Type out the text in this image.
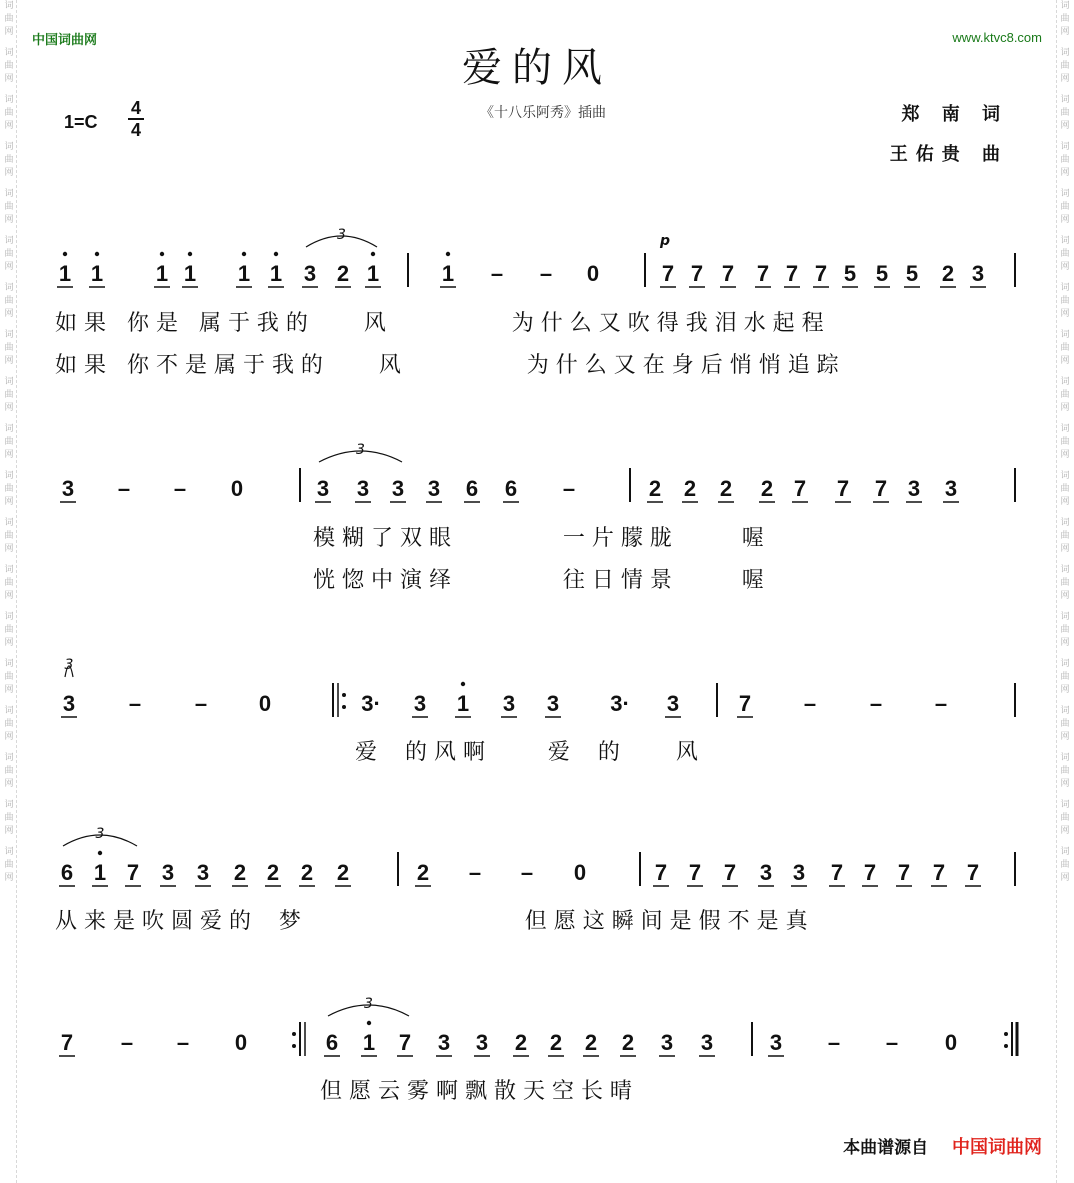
词曲网
词曲网
词曲网
词曲网
词曲网
词曲网
词曲网
词曲网
词曲网
词曲网
词曲网
词曲网
词曲网
词曲网
词曲网
词曲网
词曲网
词曲网
词曲网
词曲网
词曲网
词曲网
词曲网
词曲网
词曲网
词曲网
词曲网
词曲网
词曲网
词曲网
词曲网
词曲网
词曲网
词曲网
词曲网
词曲网
词曲网
词曲网
中国词曲网	www.ktvc8.com
爱的风
《十八乐阿秀》插曲
1=C
4
4
郑 南 词
王佑贵 曲
1 1 1 1 1 1 3 2 1	1 – – 0	7 7 7 7 7 7 5 5 5 2 3
3
如 果   你 是   属 于 我 的        风                  为 什 么 又 吹 得 我 泪 水 起 程
如 果   你 不 是 属 于 我 的        风                  为 什 么 又 在 身 后 悄 悄 追 踪
3 – – 0	3 3 3 3 6 6 –	2 2 2 2 7 7 7 3 3
3
模 糊 了 双 眼                一 片 朦 胧          喔
恍 惚 中 演 绎                往 日 情 景          喔
3 – – 0	3· 3 1 3 3 3· 3	7 – – –
3
爱    的 风 啊         爱    的        风
6 1 7 3 3 2 2 2 2	2 – – 0	7 7 7 3 3 7 7 7 7 7
3
从 来 是 吹 圆 爱 的    梦                                但 愿 这 瞬 间 是 假 不 是 真
7 – – 0	6 1 7 3 3 2 2 2 2 3 3	3 – – 0
3
但 愿 云 雾 啊 飘 散 天 空 长 晴
p
本曲谱源自 中国词曲网
